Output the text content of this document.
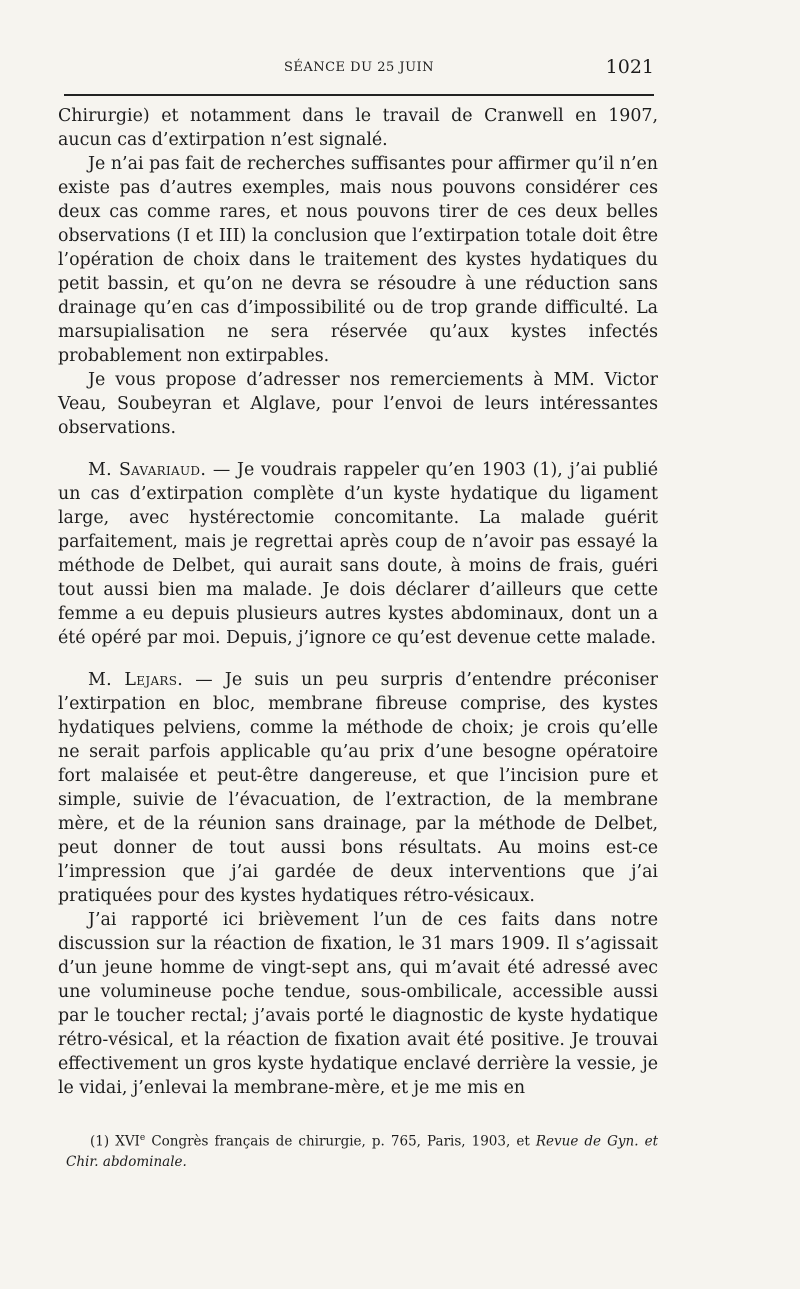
SÉANCE DU 25 JUIN	1021

Chirurgie) et notamment dans le travail de Cranwell en 1907, aucun cas d’extirpation n’est signalé.

Je n’ai pas fait de recherches suffisantes pour affirmer qu’il n’en existe pas d’autres exemples, mais nous pouvons considérer ces deux cas comme rares, et nous pouvons tirer de ces deux belles observations (I et III) la conclusion que l’extirpation totale doit être l’opération de choix dans le traitement des kystes hydatiques du petit bassin, et qu’on ne devra se résoudre à une réduction sans drainage qu’en cas d’impossibilité ou de trop grande difficulté. La marsupialisation ne sera réservée qu’aux kystes infectés probablement non extirpables.

Je vous propose d’adresser nos remerciements à MM. Victor Veau, Soubeyran et Alglave, pour l’envoi de leurs intéressantes observations.

M. Savariaud. — Je voudrais rappeler qu’en 1903 (1), j’ai publié un cas d’extirpation complète d’un kyste hydatique du ligament large, avec hystérectomie concomitante. La malade guérit parfaitement, mais je regrettai après coup de n’avoir pas essayé la méthode de Delbet, qui aurait sans doute, à moins de frais, guéri tout aussi bien ma malade. Je dois déclarer d’ailleurs que cette femme a eu depuis plusieurs autres kystes abdominaux, dont un a été opéré par moi. Depuis, j’ignore ce qu’est devenue cette malade.

M. Lejars. — Je suis un peu surpris d’entendre préconiser l’extirpation en bloc, membrane fibreuse comprise, des kystes hydatiques pelviens, comme la méthode de choix; je crois qu’elle ne serait parfois applicable qu’au prix d’une besogne opératoire fort malaisée et peut-être dangereuse, et que l’incision pure et simple, suivie de l’évacuation, de l’extraction, de la membrane mère, et de la réunion sans drainage, par la méthode de Delbet, peut donner de tout aussi bons résultats. Au moins est-ce l’impression que j’ai gardée de deux interventions que j’ai pratiquées pour des kystes hydatiques rétro-vésicaux.

J’ai rapporté ici brièvement l’un de ces faits dans notre discussion sur la réaction de fixation, le 31 mars 1909. Il s’agissait d’un jeune homme de vingt-sept ans, qui m’avait été adressé avec une volumineuse poche tendue, sous-ombilicale, accessible aussi par le toucher rectal; j’avais porté le diagnostic de kyste hydatique rétro-vésical, et la réaction de fixation avait été positive. Je trouvai effectivement un gros kyste hydatique enclavé derrière la vessie, je le vidai, j’enlevai la membrane-mère, et je me mis en

(1) XVIe Congrès français de chirurgie, p. 765, Paris, 1903, et Revue de Gyn. et Chir. abdominale.
